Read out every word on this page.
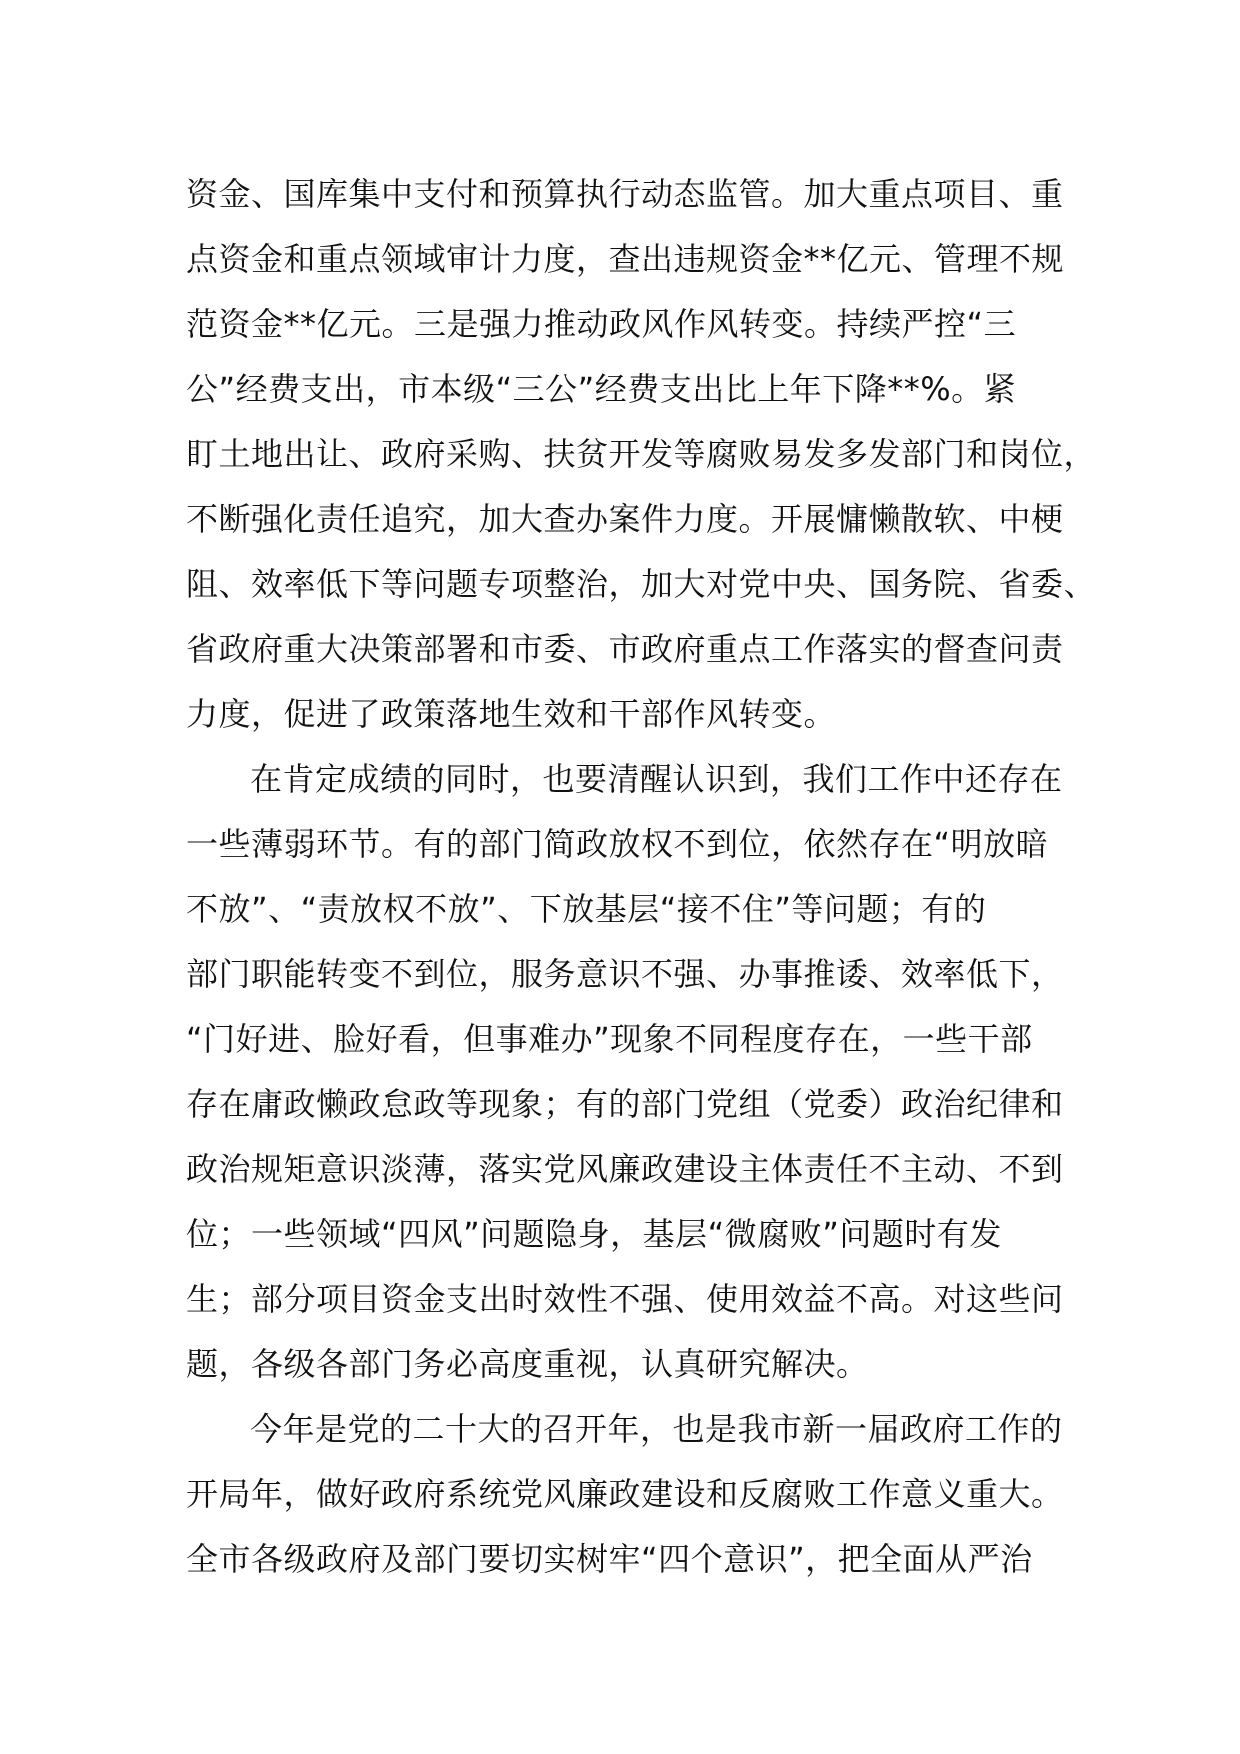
资金、国库集中支付和预算执行动态监管。加大重点项目、重
点资金和重点领域审计力度，查出违规资金**亿元、管理不规
范资金**亿元。三是强力推动政风作风转变。持续严控“三
公”经费支出，市本级“三公”经费支出比上年下降**%。紧
盯土地出让、政府采购、扶贫开发等腐败易发多发部门和岗位，
不断强化责任追究，加大查办案件力度。开展慵懒散软、中梗
阻、效率低下等问题专项整治，加大对党中央、国务院、省委、
省政府重大决策部署和市委、市政府重点工作落实的督查问责
力度，促进了政策落地生效和干部作风转变。
在肯定成绩的同时，也要清醒认识到，我们工作中还存在
一些薄弱环节。有的部门简政放权不到位，依然存在“明放暗
不放”、“责放权不放”、下放基层“接不住”等问题；有的
部门职能转变不到位，服务意识不强、办事推诿、效率低下，
“门好进、脸好看，但事难办”现象不同程度存在，一些干部
存在庸政懒政怠政等现象；有的部门党组（党委）政治纪律和
政治规矩意识淡薄，落实党风廉政建设主体责任不主动、不到
位；一些领域“四风”问题隐身，基层“微腐败”问题时有发
生；部分项目资金支出时效性不强、使用效益不高。对这些问
题，各级各部门务必高度重视，认真研究解决。
今年是党的二十大的召开年，也是我市新一届政府工作的
开局年，做好政府系统党风廉政建设和反腐败工作意义重大。
全市各级政府及部门要切实树牢“四个意识”，把全面从严治
